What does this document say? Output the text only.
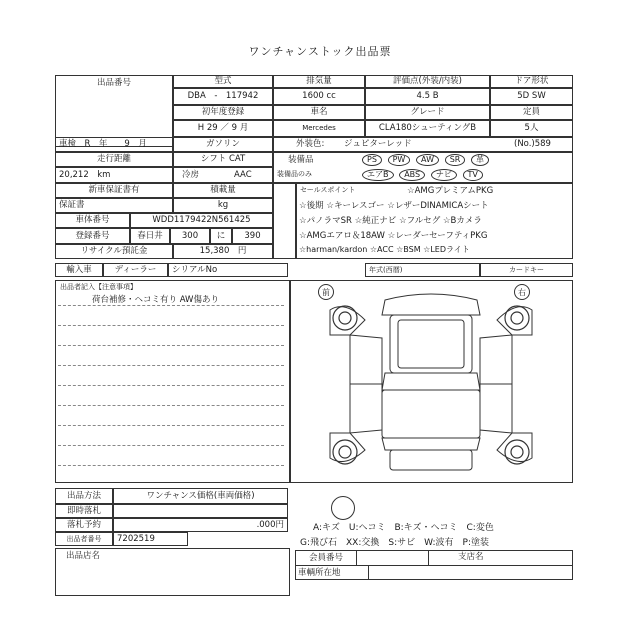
ワンチャンストック出品票
出品番号	型式
DBA　-　117942
初年度登録
H 29 ／ 9 月
排気量
1600 cc
車名
Mercedes
評価点(外装/内装)
4.5 B
グレード
CLA180シューティングB
ドア形状
5D SW
定員
5人
車検　R　年　　9　月	ガソリン	外装色: ジュピターレッド	(No.)589
走行距離
20,212　km
シフト CAT
冷房	AAC
装備品
装備品のみ
PS PW AW SR 革
エアB ABS ナビ TV
新車保証書有
保証書
積載量
kg
セールスポイント	☆AMGプレミアムPKG
☆後期 ☆キーレスゴー ☆レザーDINAMICAシート
☆パノラマSR ☆純正ナビ ☆フルセグ ☆Bカメラ
☆AMGエアロ＆18AW ☆レーダーセーフティPKG
☆harman/kardon ☆ACC ☆BSM ☆LEDライト
車体番号	WDD1179422N561425
登録番号	春日井	300	に	390
リサイクル預託金	15,380　円
輸入車	ディーラー	シリアルNo	年式(西暦)	カードキー
出品者記入【注意事項】
荷台補修・ヘコミ有り AW傷あり
前	右
出品方法	ワンチャンス価格(車両価格)
即時落札
落札予約	.000円
出品者番号	7202519
出品店名
A:キズ　U:ヘコミ　B:キズ・ヘコミ　C:変色
G:飛び石　XX:交換　S:サビ　W:波有　P:塗装
会員番号	支店名
車輌所在地
